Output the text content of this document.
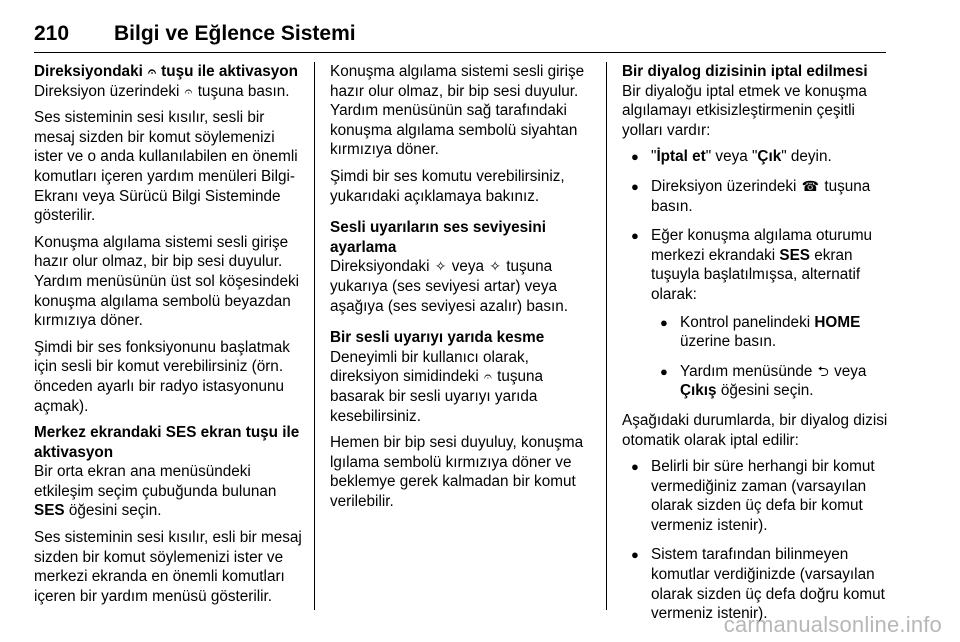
210 Bilgi ve Eğlence Sistemi
Direksiyondaki 𝄐 tuşu ile aktivasyon

Direksiyon üzerindeki 𝄐 tuşuna basın.

Ses sisteminin sesi kısılır, sesli bir mesaj sizden bir komut söylemenizi ister ve o anda kullanılabilen en önemli komutları içeren yardım menüleri Bilgi-Ekranı veya Sürücü Bilgi Sisteminde gösterilir.

Konuşma algılama sistemi sesli girişe hazır olur olmaz, bir bip sesi duyulur. Yardım menüsünün üst sol köşesindeki konuşma algılama sembolü beyazdan kırmızıya döner.

Şimdi bir ses fonksiyonunu başlatmak için sesli bir komut verebilirsiniz (örn. önceden ayarlı bir radyo istasyonunu açmak).

Merkez ekrandaki SES ekran tuşu ile aktivasyon

Bir orta ekran ana menüsündeki etkileşim seçim çubuğunda bulunan SES öğesini seçin.

Ses sisteminin sesi kısılır, esli bir mesaj sizden bir komut söylemenizi ister ve merkezi ekranda en önemli komutları içeren bir yardım menüsü gösterilir.

Konuşma algılama sistemi sesli girişe hazır olur olmaz, bir bip sesi duyulur. Yardım menüsünün sağ tarafındaki konuşma algılama sembolü siyahtan kırmızıya döner.

Şimdi bir ses komutu verebilirsiniz, yukarıdaki açıklamaya bakınız.

Sesli uyarıların ses seviyesini ayarlama

Direksiyondaki ✧ veya ✧ tuşuna yukarıya (ses seviyesi artar) veya aşağıya (ses seviyesi azalır) basın.

Bir sesli uyarıyı yarıda kesme

Deneyimli bir kullanıcı olarak, direksiyon simidindeki 𝄐 tuşuna basarak bir sesli uyarıyı yarıda kesebilirsiniz.

Hemen bir bip sesi duyuluy, konuşma lgılama sembolü kırmızıya döner ve beklemye gerek kalmadan bir komut verilebilir.

Bir diyalog dizisinin iptal edilmesi

Bir diyaloğu iptal etmek ve konuşma algılamayı etkisizleştirmenin çeşitli yolları vardır:

● "İptal et" veya "Çık" deyin.
● Direksiyon üzerindeki ☎ tuşuna basın.
● Eğer konuşma algılama oturumu merkezi ekrandaki SES ekran tuşuyla başlatılmışsa, alternatif olarak:
● Kontrol panelindeki HOME üzerine basın.
● Yardım menüsünde ⮌ veya Çıkış öğesini seçin.

Aşağıdaki durumlarda, bir diyalog dizisi otomatik olarak iptal edilir:

● Belirli bir süre herhangi bir komut vermediğiniz zaman (varsayılan olarak sizden üç defa bir komut vermeniz istenir).
● Sistem tarafından bilinmeyen komutlar verdiğinizde (varsayılan olarak sizden üç defa doğru komut vermeniz istenir).
carmanualsonline.info
